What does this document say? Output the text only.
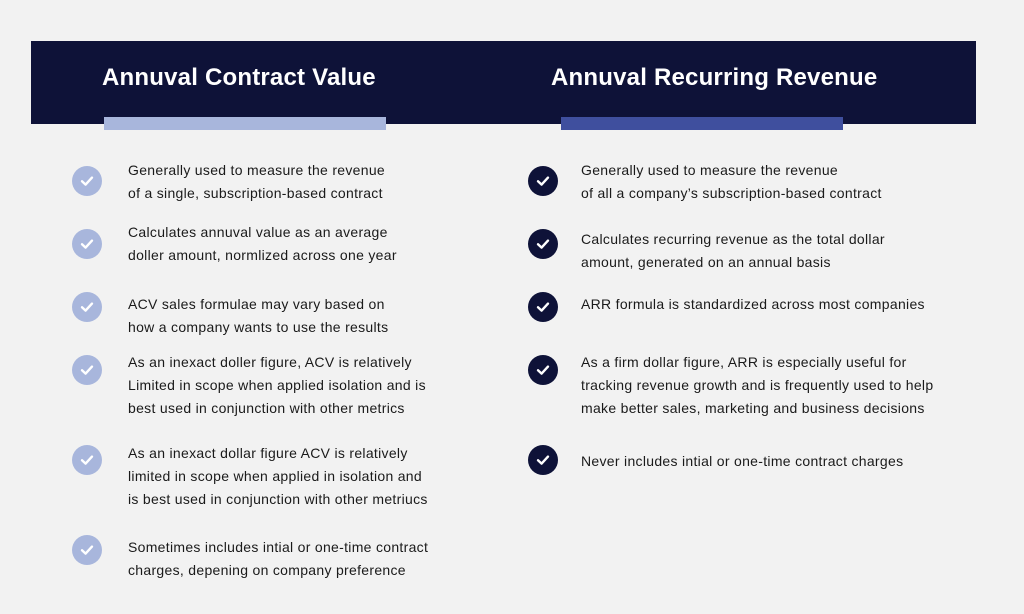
Annuval Contract Value	Annuval Recurring Revenue
Generally used to measure the revenue
of a single, subscription-based contract
Calculates annuval value as an average
doller amount, normlized across one year
ACV sales formulae may vary based on
how a company wants to use the results
As an inexact doller figure, ACV is relatively
Limited in scope when applied isolation and is
best used in conjunction with other metrics
As an inexact dollar figure ACV is relatively
limited in scope when applied in isolation and
is best used in conjunction with other metriucs
Sometimes includes intial or one-time contract
charges, depening on company preference
Generally used to measure the revenue
of all a company’s subscription-based contract
Calculates recurring revenue as the total dollar
amount, generated on an annual basis
ARR formula is standardized across most companies
As a firm dollar figure, ARR is especially useful for
tracking revenue growth and is frequently used to help
make better sales, marketing and business decisions
Never includes intial or one-time contract charges
